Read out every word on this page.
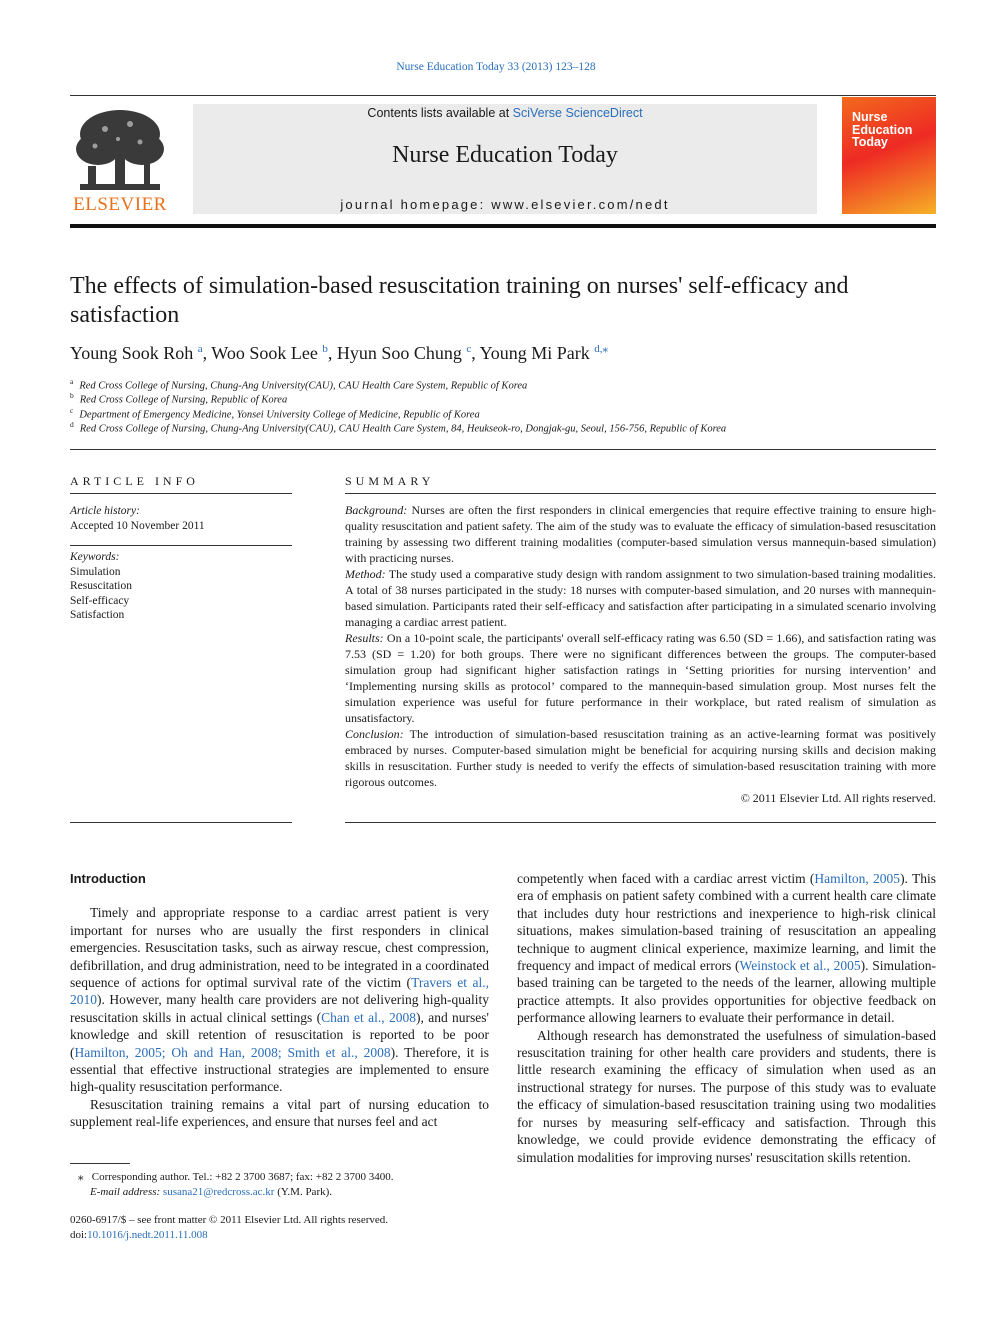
Nurse Education Today 33 (2013) 123–128
ELSEVIER
Contents lists available at SciVerse ScienceDirect
Nurse Education Today
journal homepage: www.elsevier.com/nedt
Nurse
Education
Today
The effects of simulation-based resuscitation training on nurses' self-efficacy and satisfaction
Young Sook Roh $^a$, Woo Sook Lee $^b$, Hyun Soo Chung $^c$, Young Mi Park $^{d,⁎}$
$^a$ Red Cross College of Nursing, Chung-Ang University(CAU), CAU Health Care System, Republic of Korea
$^b$ Red Cross College of Nursing, Republic of Korea
$^c$ Department of Emergency Medicine, Yonsei University College of Medicine, Republic of Korea
$^d$ Red Cross College of Nursing, Chung-Ang University(CAU), CAU Health Care System, 84, Heukseok-ro, Dongjak-gu, Seoul, 156-756, Republic of Korea
ARTICLE INFO
Article history:
Accepted 10 November 2011
Keywords:
Simulation
Resuscitation
Self-efficacy
Satisfaction
SUMMARY

Background: Nurses are often the first responders in clinical emergencies that require effective training to ensure high-quality resuscitation and patient safety. The aim of the study was to evaluate the efficacy of simulation-based resuscitation training by assessing two different training modalities (computer-based simulation versus mannequin-based simulation) with practicing nurses.

Method: The study used a comparative study design with random assignment to two simulation-based training modalities. A total of 38 nurses participated in the study: 18 nurses with computer-based simulation, and 20 nurses with mannequin-based simulation. Participants rated their self-efficacy and satisfaction after participating in a simulated scenario involving managing a cardiac arrest patient.

Results: On a 10-point scale, the participants' overall self-efficacy rating was 6.50 (SD = 1.66), and satisfaction rating was 7.53 (SD = 1.20) for both groups. There were no significant differences between the groups. The computer-based simulation group had significant higher satisfaction ratings in ‘Setting priorities for nursing intervention’ and ‘Implementing nursing skills as protocol’ compared to the mannequin-based simulation group. Most nurses felt the simulation experience was useful for future performance in their workplace, but rated realism of simulation as unsatisfactory.

Conclusion: The introduction of simulation-based resuscitation training as an active-learning format was positively embraced by nurses. Computer-based simulation might be beneficial for acquiring nursing skills and decision making skills in resuscitation. Further study is needed to verify the effects of simulation-based resuscitation training with more rigorous outcomes.

© 2011 Elsevier Ltd. All rights reserved.

Introduction

Timely and appropriate response to a cardiac arrest patient is very important for nurses who are usually the first responders in clinical emergencies. Resuscitation tasks, such as airway rescue, chest compression, defibrillation, and drug administration, need to be integrated in a coordinated sequence of actions for optimal survival rate of the victim (Travers et al., 2010). However, many health care providers are not delivering high-quality resuscitation skills in actual clinical settings (Chan et al., 2008), and nurses' knowledge and skill retention of resuscitation is reported to be poor (Hamilton, 2005; Oh and Han, 2008; Smith et al., 2008). Therefore, it is essential that effective instructional strategies are implemented to ensure high-quality resuscitation performance.

Resuscitation training remains a vital part of nursing education to supplement real-life experiences, and ensure that nurses feel and act

competently when faced with a cardiac arrest victim (Hamilton, 2005). This era of emphasis on patient safety combined with a current health care climate that includes duty hour restrictions and inexperience to high-risk clinical situations, makes simulation-based training of resuscitation an appealing technique to augment clinical experience, maximize learning, and limit the frequency and impact of medical errors (Weinstock et al., 2005). Simulation-based training can be targeted to the needs of the learner, allowing multiple practice attempts. It also provides opportunities for objective feedback on performance allowing learners to evaluate their performance in detail.

Although research has demonstrated the usefulness of simulation-based resuscitation training for other health care providers and students, there is little research examining the efficacy of simulation when used as an instructional strategy for nurses. The purpose of this study was to evaluate the efficacy of simulation-based resuscitation training using two modalities for nurses by measuring self-efficacy and satisfaction. Through this knowledge, we could provide evidence demonstrating the efficacy of simulation modalities for improving nurses' resuscitation skills retention.

⁎ Corresponding author. Tel.: +82 2 3700 3687; fax: +82 2 3700 3400.
E-mail address: susana21@redcross.ac.kr (Y.M. Park).
0260-6917/$ – see front matter © 2011 Elsevier Ltd. All rights reserved.
doi:10.1016/j.nedt.2011.11.008
